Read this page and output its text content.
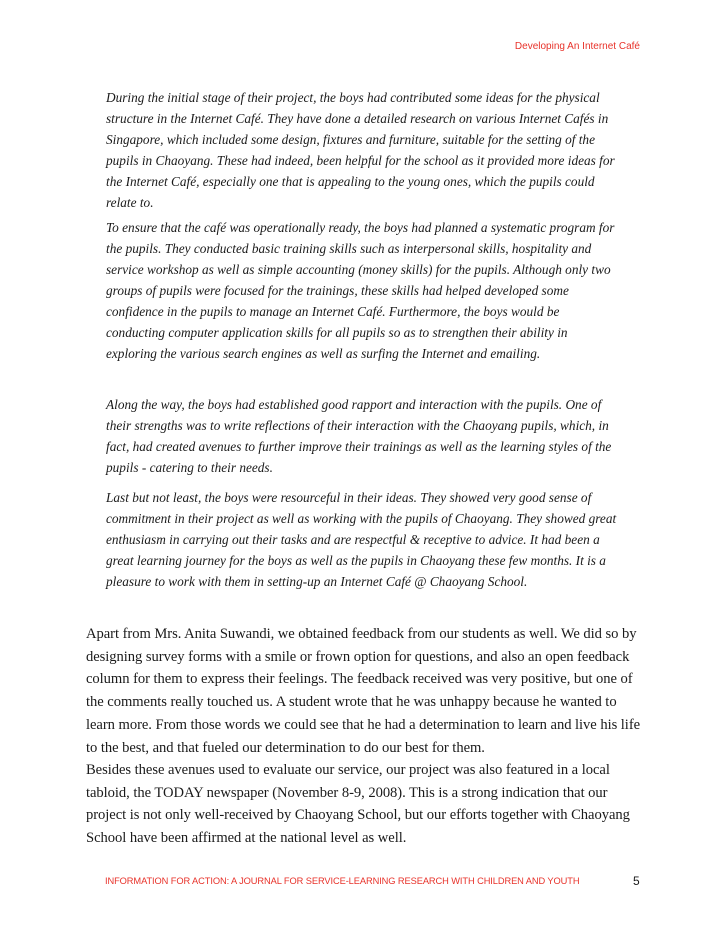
Developing An Internet Café

During the initial stage of their project, the boys had contributed some ideas for the physical structure in the Internet Café. They have done a detailed research on various Internet Cafés in Singapore, which included some design, fixtures and furniture, suitable for the setting of the pupils in Chaoyang. These had indeed, been helpful for the school as it provided more ideas for the Internet Café, especially one that is appealing to the young ones, which the pupils could relate to.

To ensure that the café was operationally ready, the boys had planned a systematic program for the pupils. They conducted basic training skills such as interpersonal skills, hospitality and service workshop as well as simple accounting (money skills) for the pupils. Although only two groups of pupils were focused for the trainings, these skills had helped developed some confidence in the pupils to manage an Internet Café. Furthermore, the boys would be conducting computer application skills for all pupils so as to strengthen their ability in exploring the various search engines as well as surfing the Internet and emailing.

Along the way, the boys had established good rapport and interaction with the pupils. One of their strengths was to write reflections of their interaction with the Chaoyang pupils, which, in fact, had created avenues to further improve their trainings as well as the learning styles of the pupils - catering to their needs.

Last but not least, the boys were resourceful in their ideas. They showed very good sense of commitment in their project as well as working with the pupils of Chaoyang. They showed great enthusiasm in carrying out their tasks and are respectful & receptive to advice. It had been a great learning journey for the boys as well as the pupils in Chaoyang these few months. It is a pleasure to work with them in setting-up an Internet Café @ Chaoyang School.

Apart from Mrs. Anita Suwandi, we obtained feedback from our students as well. We did so by designing survey forms with a smile or frown option for questions, and also an open feedback column for them to express their feelings. The feedback received was very positive, but one of the comments really touched us. A student wrote that he was unhappy because he wanted to learn more. From those words we could see that he had a determination to learn and live his life to the best, and that fueled our determination to do our best for them.

Besides these avenues used to evaluate our service, our project was also featured in a local tabloid, the TODAY newspaper (November 8-9, 2008). This is a strong indication that our project is not only well-received by Chaoyang School, but our efforts together with Chaoyang School have been affirmed at the national level as well.

INFORMATION FOR ACTION: A JOURNAL FOR SERVICE-LEARNING RESEARCH WITH CHILDREN AND YOUTH	5
